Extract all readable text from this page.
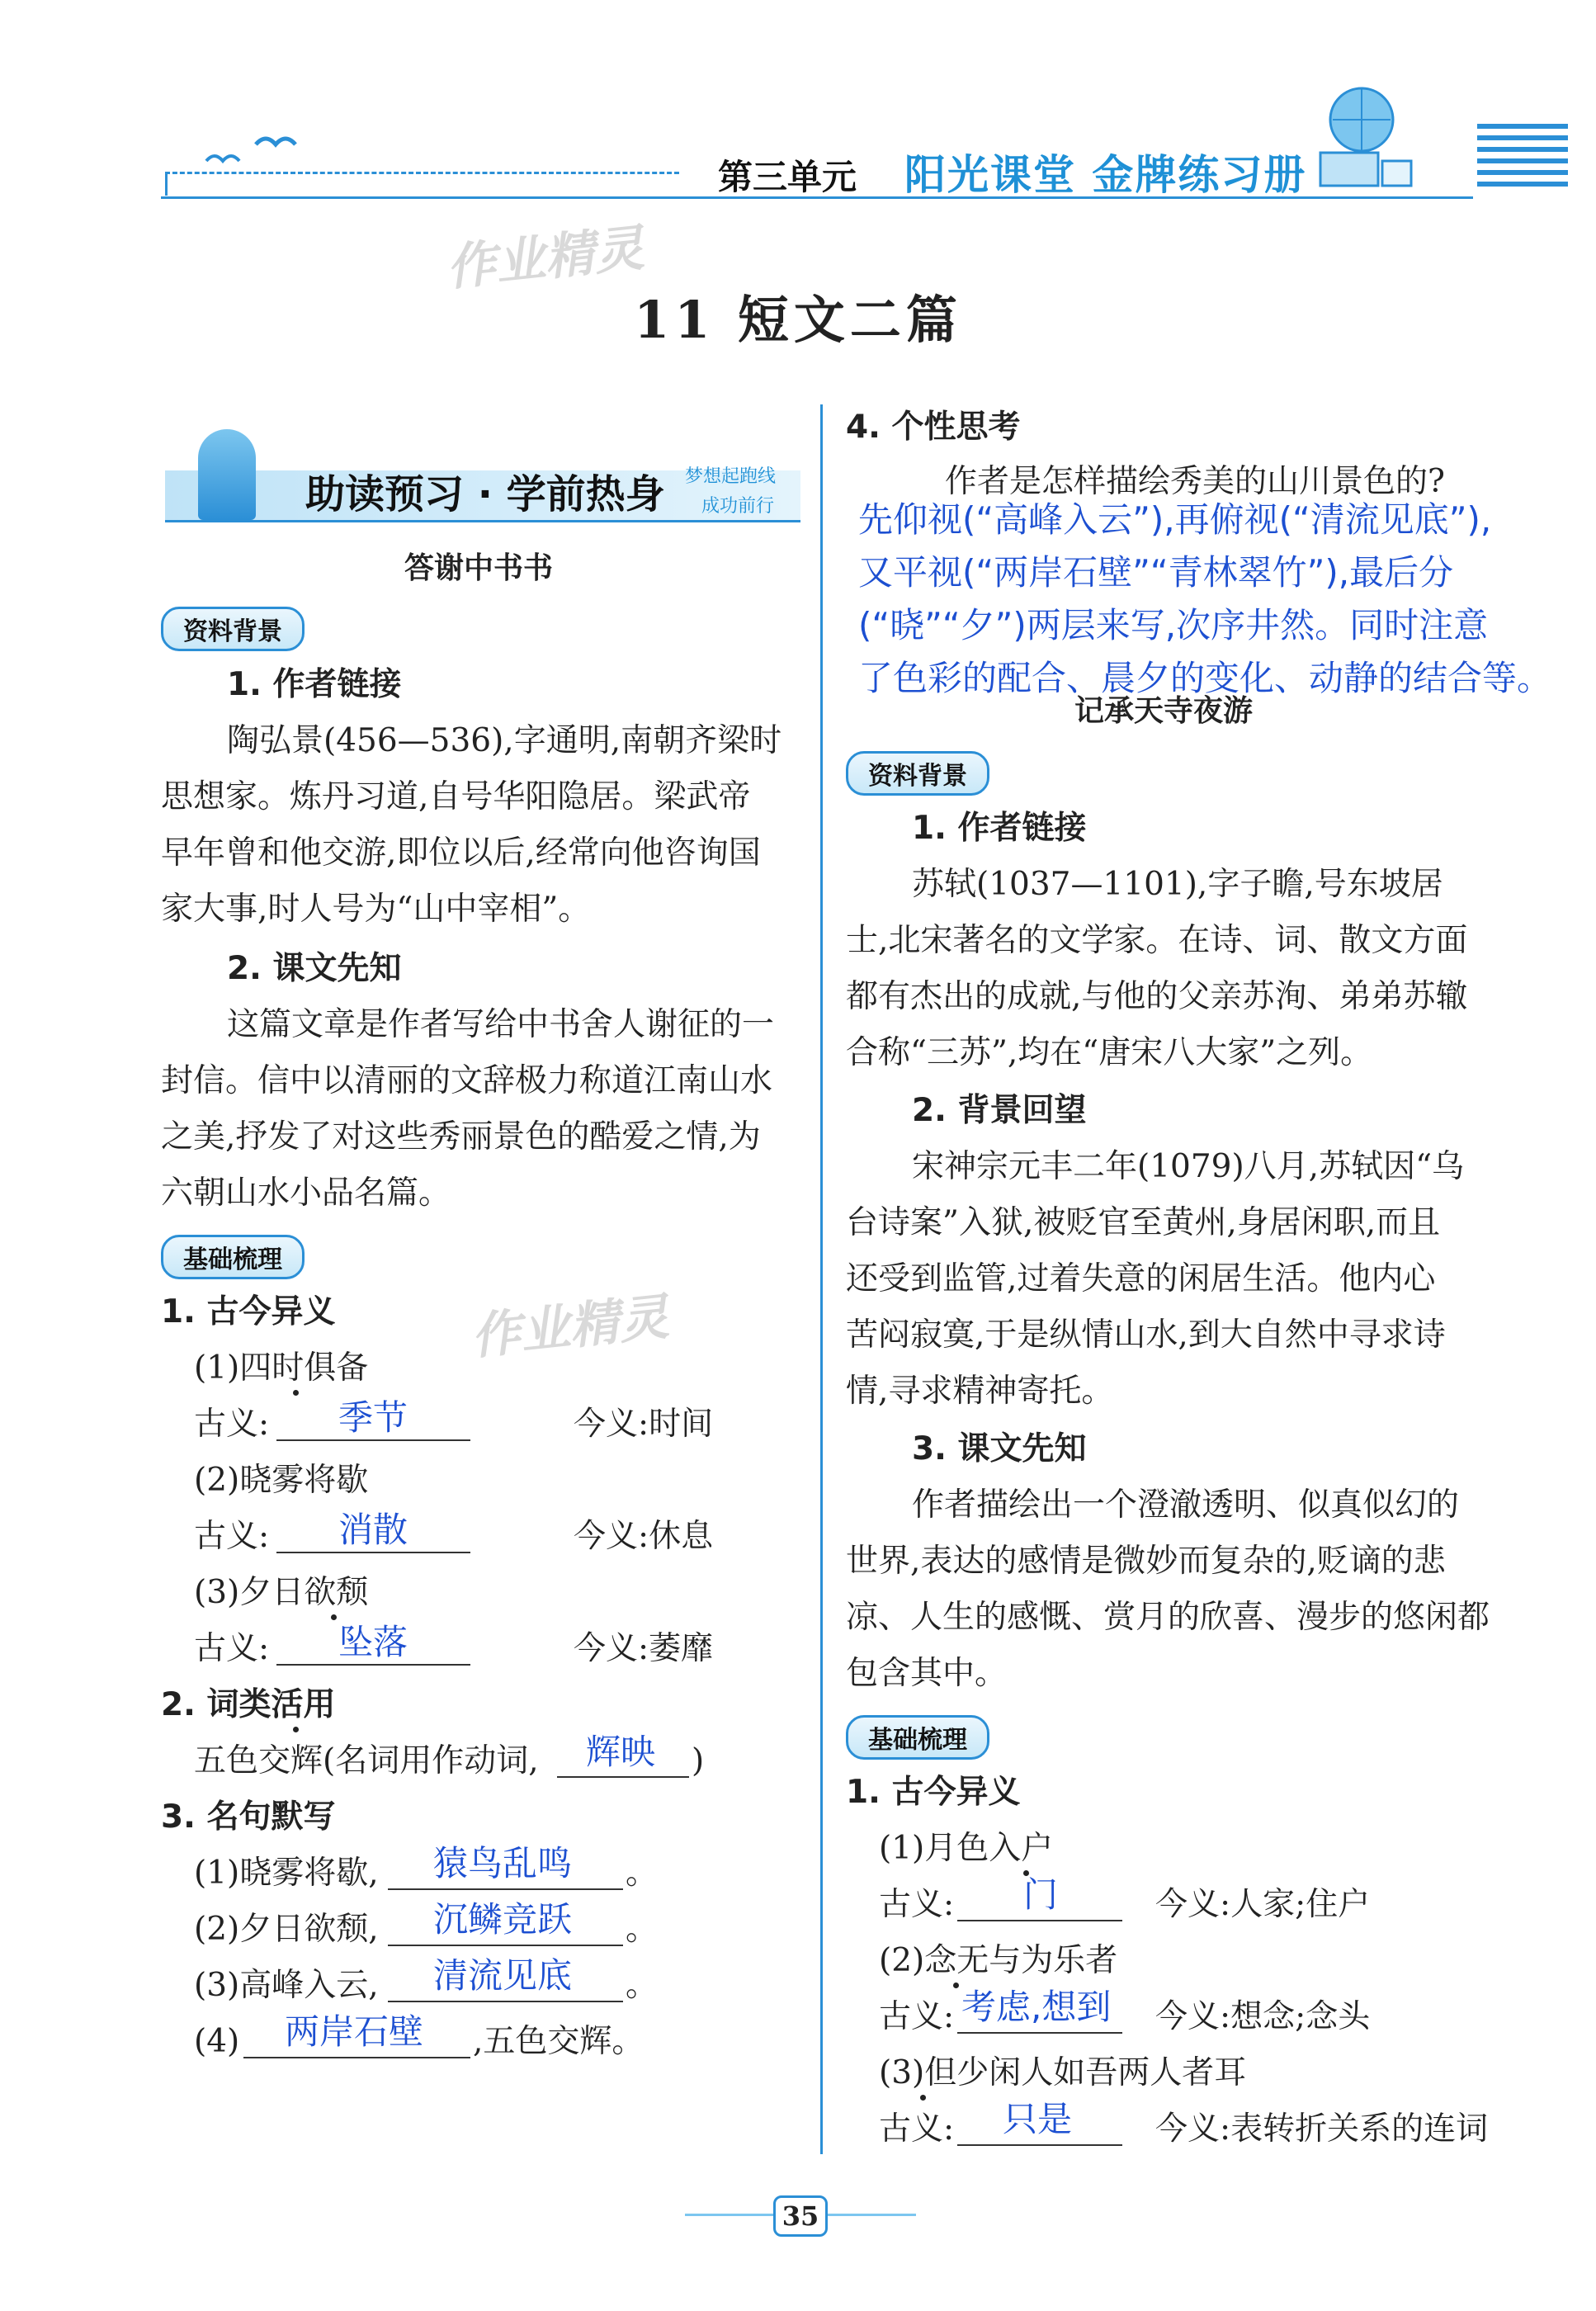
第三单元 阳光课堂 金牌练习册
作业精灵
11 短文二篇
助读预习 · 学前热身 梦想起跑线
成功前行
答谢中书书
资料背景
1. 作者链接
陶弘景(456—536),字通明,南朝齐梁时
思想家。炼丹习道,自号华阳隐居。梁武帝
早年曾和他交游,即位以后,经常向他咨询国
家大事,时人号为“山中宰相”。
2. 课文先知
这篇文章是作者写给中书舍人谢征的一
封信。信中以清丽的文辞极力称道江南山水
之美,抒发了对这些秀丽景色的酷爱之情,为
六朝山水小品名篇。
基础梳理
1. 古今异义	作业精灵
(1)四时俱备
古义: 季节	今义:时间
(2)晓雾将歇
古义: 消散	今义:休息
(3)夕日欲颓
古义: 坠落	今义:萎靡
2. 词类活用
五色交辉(名词用作动词, 辉映 )
3. 名句默写
(1)晓雾将歇, 猿鸟乱鸣 。
(2)夕日欲颓, 沉鳞竞跃 。
(3)高峰入云, 清流见底 。
(4) 两岸石壁 ,五色交辉。
4. 个性思考
作者是怎样描绘秀美的山川景色的?
先仰视(“高峰入云”),再俯视(“清流见底”),
又平视(“两岸石壁”“青林翠竹”),最后分
(“晓”“夕”)两层来写,次序井然。同时注意
了色彩的配合、晨夕的变化、动静的结合等。
记承天寺夜游
资料背景
1. 作者链接
苏轼(1037—1101),字子瞻,号东坡居
士,北宋著名的文学家。在诗、词、散文方面
都有杰出的成就,与他的父亲苏洵、弟弟苏辙
合称“三苏”,均在“唐宋八大家”之列。
2. 背景回望
宋神宗元丰二年(1079)八月,苏轼因“乌
台诗案”入狱,被贬官至黄州,身居闲职,而且
还受到监管,过着失意的闲居生活。他内心
苦闷寂寞,于是纵情山水,到大自然中寻求诗
情,寻求精神寄托。
3. 课文先知
作者描绘出一个澄澈透明、似真似幻的
世界,表达的感情是微妙而复杂的,贬谪的悲
凉、人生的感慨、赏月的欣喜、漫步的悠闲都
包含其中。
基础梳理
1. 古今异义
(1)月色入户
古义: 门	今义:人家;住户
(2)念无与为乐者
古义: 考虑,想到 今义:想念;念头
(3)但少闲人如吾两人者耳
古义: 只是	今义:表转折关系的连词
35
